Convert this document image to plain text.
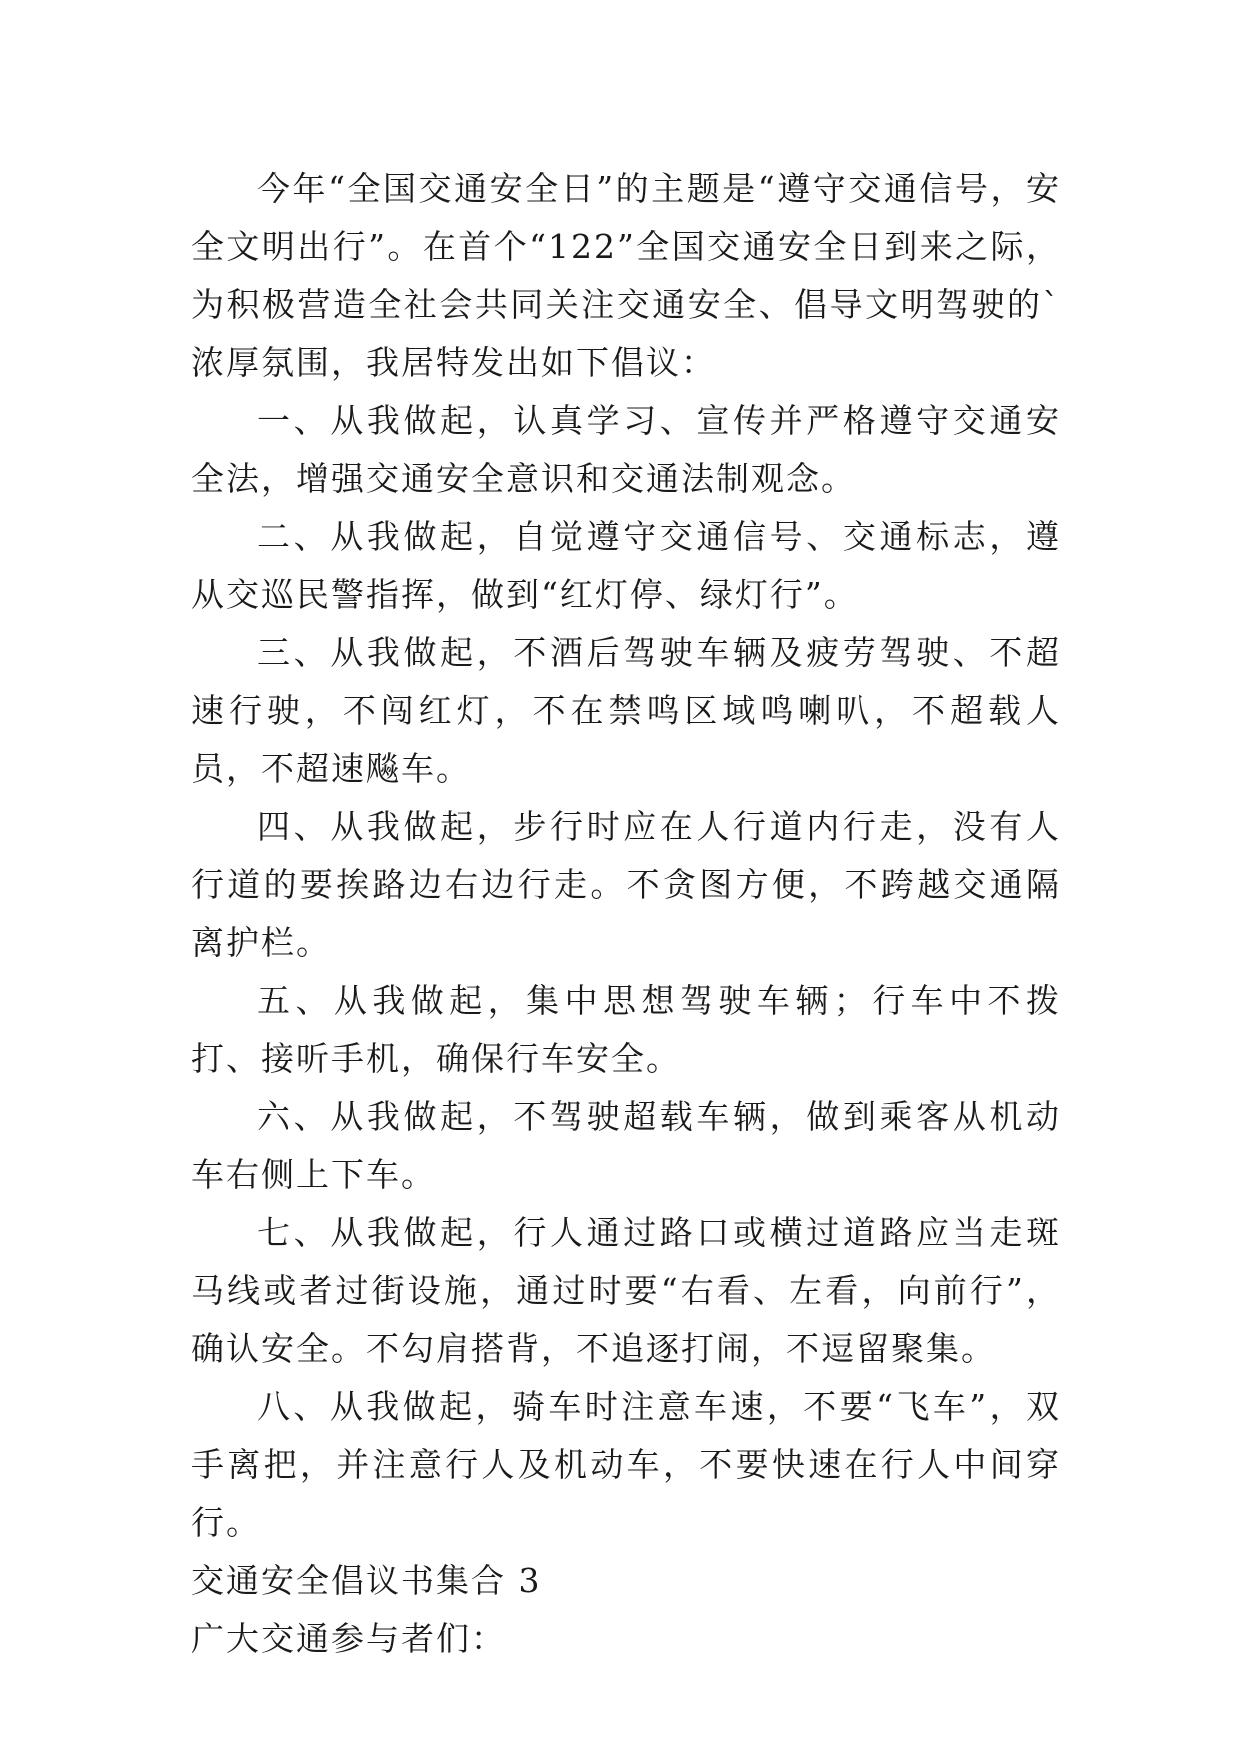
今年“全国交通安全日”的主题是“遵守交通信号，安全文明出行”。在首个“122”全国交通安全日到来之际，为积极营造全社会共同关注交通安全、倡导文明驾驶的`浓厚氛围，我居特发出如下倡议：

一、从我做起，认真学习、宣传并严格遵守交通安全法，增强交通安全意识和交通法制观念。

二、从我做起，自觉遵守交通信号、交通标志，遵从交巡民警指挥，做到“红灯停、绿灯行”。

三、从我做起，不酒后驾驶车辆及疲劳驾驶、不超速行驶，不闯红灯，不在禁鸣区域鸣喇叭，不超载人员，不超速飚车。

四、从我做起，步行时应在人行道内行走，没有人行道的要挨路边右边行走。不贪图方便，不跨越交通隔离护栏。

五、从我做起，集中思想驾驶车辆；行车中不拨打、接听手机，确保行车安全。

六、从我做起，不驾驶超载车辆，做到乘客从机动车右侧上下车。

七、从我做起，行人通过路口或横过道路应当走斑马线或者过街设施，通过时要“右看、左看，向前行”，确认安全。不勾肩搭背，不追逐打闹，不逗留聚集。

八、从我做起，骑车时注意车速，不要“飞车”，双手离把，并注意行人及机动车，不要快速在行人中间穿行。

交通安全倡议书集合 3

广大交通参与者们：
